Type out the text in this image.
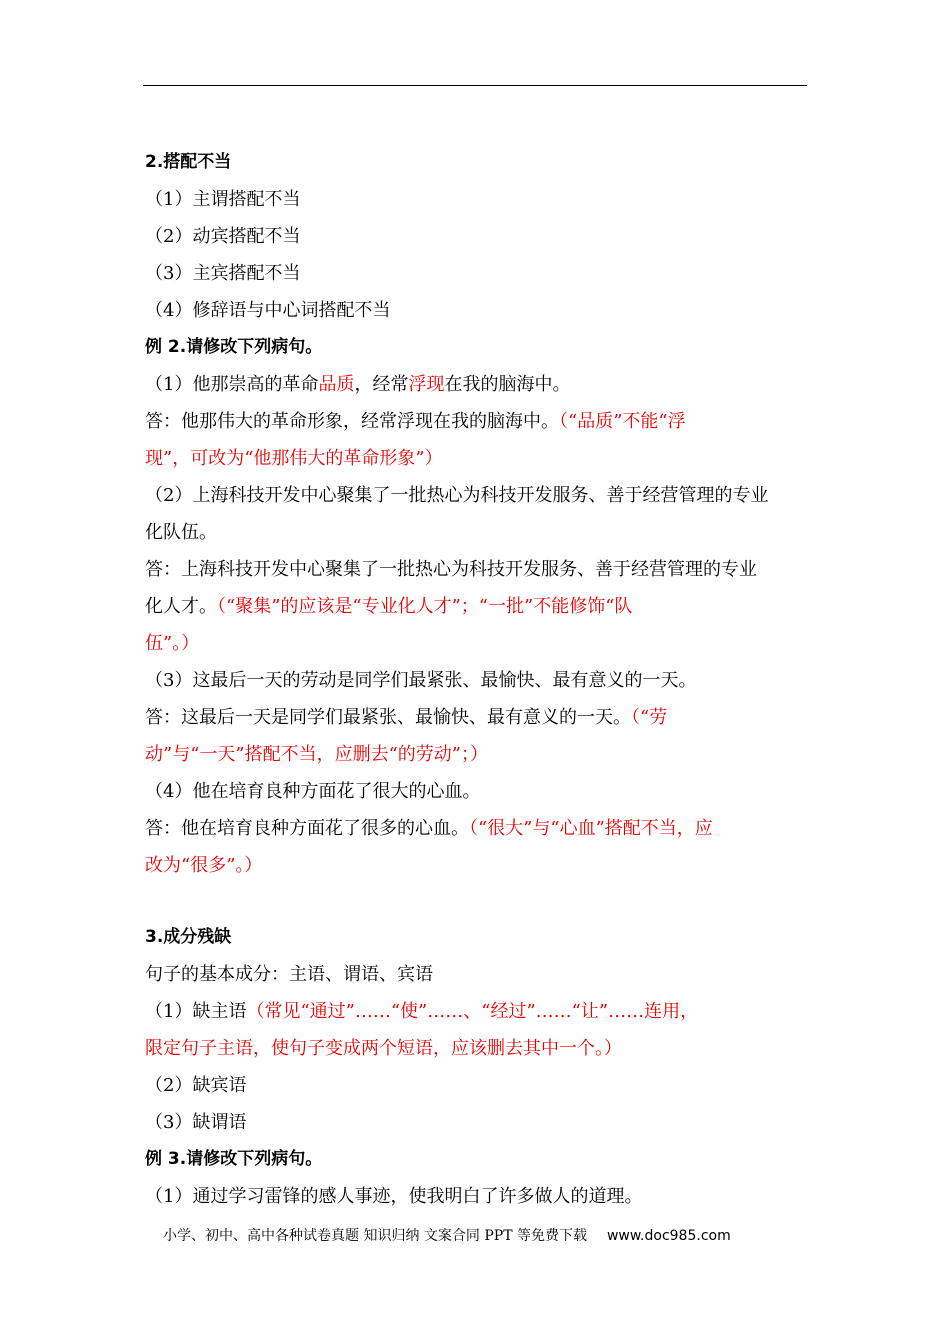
2.搭配不当
（1）主谓搭配不当
（2）动宾搭配不当
（3）主宾搭配不当
（4）修辞语与中心词搭配不当
例 2.请修改下列病句。
（1）他那崇高的革命品质，经常浮现在我的脑海中。
答：他那伟大的革命形象，经常浮现在我的脑海中。（“品质”不能“浮
现”，可改为“他那伟大的革命形象”）
（2）上海科技开发中心聚集了一批热心为科技开发服务、善于经营管理的专业
化队伍。
答：上海科技开发中心聚集了一批热心为科技开发服务、善于经营管理的专业
化人才。（“聚集”的应该是“专业化人才”；“一批”不能修饰“队
伍”。）
（3）这最后一天的劳动是同学们最紧张、最愉快、最有意义的一天。
答：这最后一天是同学们最紧张、最愉快、最有意义的一天。（“劳
动”与“一天”搭配不当，应删去“的劳动”；）
（4）他在培育良种方面花了很大的心血。
答：他在培育良种方面花了很多的心血。（“很大”与“心血”搭配不当，应
改为“很多”。）
3.成分残缺
句子的基本成分：主语、谓语、宾语
（1）缺主语（常见“通过”……“使”……、“经过”……“让”……连用，
限定句子主语，使句子变成两个短语，应该删去其中一个。）
（2）缺宾语
（3）缺谓语
例 3.请修改下列病句。
（1）通过学习雷锋的感人事迹，使我明白了许多做人的道理。
小学、初中、高中各种试卷真题 知识归纳 文案合同 PPT 等免费下载 www.doc985.com
